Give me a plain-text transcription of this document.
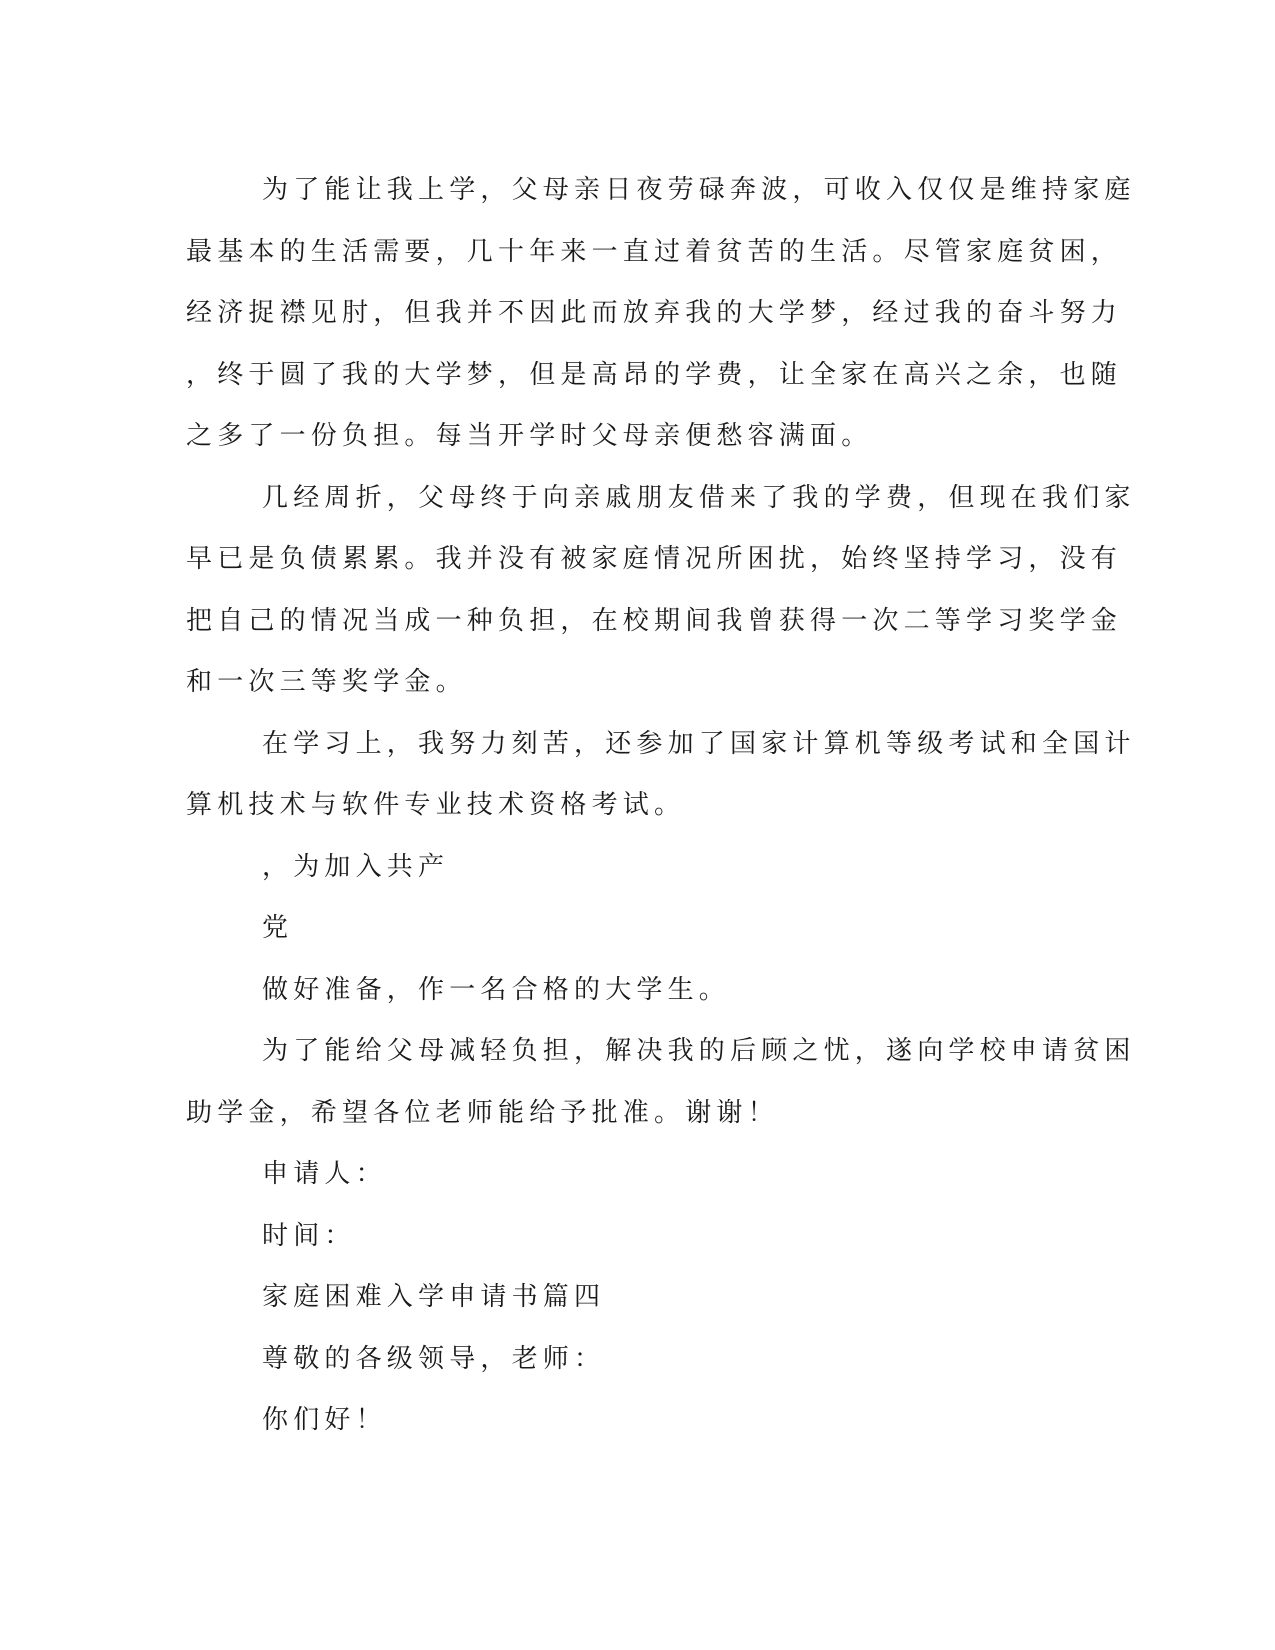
为了能让我上学，父母亲日夜劳碌奔波，可收入仅仅是维持家庭
最基本的生活需要，几十年来一直过着贫苦的生活。尽管家庭贫困，
经济捉襟见肘，但我并不因此而放弃我的大学梦，经过我的奋斗努力
，终于圆了我的大学梦，但是高昂的学费，让全家在高兴之余，也随
之多了一份负担。每当开学时父母亲便愁容满面。
几经周折，父母终于向亲戚朋友借来了我的学费，但现在我们家
早已是负债累累。我并没有被家庭情况所困扰，始终坚持学习，没有
把自己的情况当成一种负担，在校期间我曾获得一次二等学习奖学金
和一次三等奖学金。
在学习上，我努力刻苦，还参加了国家计算机等级考试和全国计
算机技术与软件专业技术资格考试。
，为加入共产
党
做好准备，作一名合格的大学生。
为了能给父母减轻负担，解决我的后顾之忧，遂向学校申请贫困
助学金，希望各位老师能给予批准。谢谢！
申请人：
时间：
家庭困难入学申请书篇四
尊敬的各级领导，老师：
你们好！
